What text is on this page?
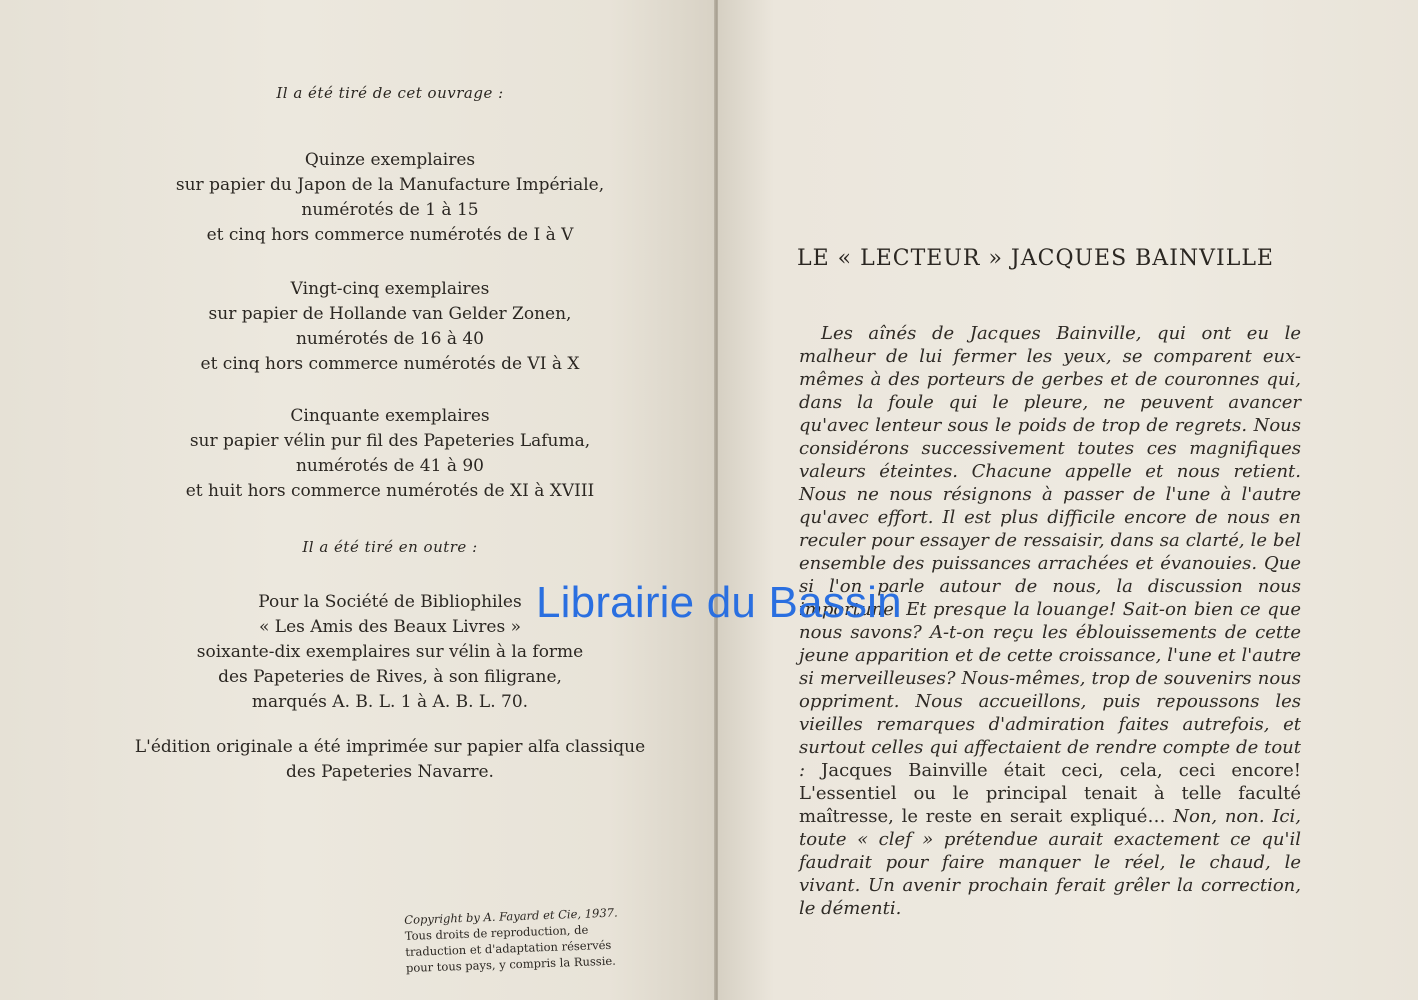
Il a été tiré de cet ouvrage :
Quinze exemplaires
sur papier du Japon de la Manufacture Impériale,
numérotés de 1 à 15
et cinq hors commerce numérotés de I à V
Vingt-cinq exemplaires
sur papier de Hollande van Gelder Zonen,
numérotés de 16 à 40
et cinq hors commerce numérotés de VI à X
Cinquante exemplaires
sur papier vélin pur fil des Papeteries Lafuma,
numérotés de 41 à 90
et huit hors commerce numérotés de XI à XVIII
Il a été tiré en outre :
Pour la Société de Bibliophiles
« Les Amis des Beaux Livres »
soixante-dix exemplaires sur vélin à la forme
des Papeteries de Rives, à son filigrane,
marqués A. B. L. 1 à A. B. L. 70.
L'édition originale a été imprimée sur papier alfa classique
des Papeteries Navarre.
Copyright by A. Fayard et Cie, 1937.
Tous droits de reproduction, de
traduction et d'adaptation réservés
pour tous pays, y compris la Russie.
LE « LECTEUR » JACQUES BAINVILLE

Les aînés de Jacques Bainville, qui ont eu le malheur de lui fermer les yeux, se comparent eux-mêmes à des porteurs de gerbes et de couronnes qui, dans la foule qui le pleure, ne peuvent avancer qu'avec lenteur sous le poids de trop de regrets. Nous considérons successivement toutes ces magnifiques valeurs éteintes. Chacune appelle et nous retient. Nous ne nous résignons à passer de l'une à l'autre qu'avec effort. Il est plus difficile encore de nous en reculer pour essayer de ressaisir, dans sa clarté, le bel ensemble des puissances arrachées et évanouies. Que si l'on parle autour de nous, la discussion nous importune. Et presque la louange! Sait-on bien ce que nous savons? A-t-on reçu les éblouissements de cette jeune apparition et de cette croissance, l'une et l'autre si merveilleuses? Nous-mêmes, trop de souvenirs nous oppriment. Nous accueillons, puis repoussons les vieilles remarques d'admiration faites autrefois, et surtout celles qui affectaient de rendre compte de tout : Jacques Bainville était ceci, cela, ceci encore! L'essentiel ou le principal tenait à telle faculté maîtresse, le reste en serait expliqué… Non, non. Ici, toute « clef » prétendue aurait exactement ce qu'il faudrait pour faire manquer le réel, le chaud, le vivant. Un avenir prochain ferait grêler la correction, le démenti.

Librairie du Bassin
